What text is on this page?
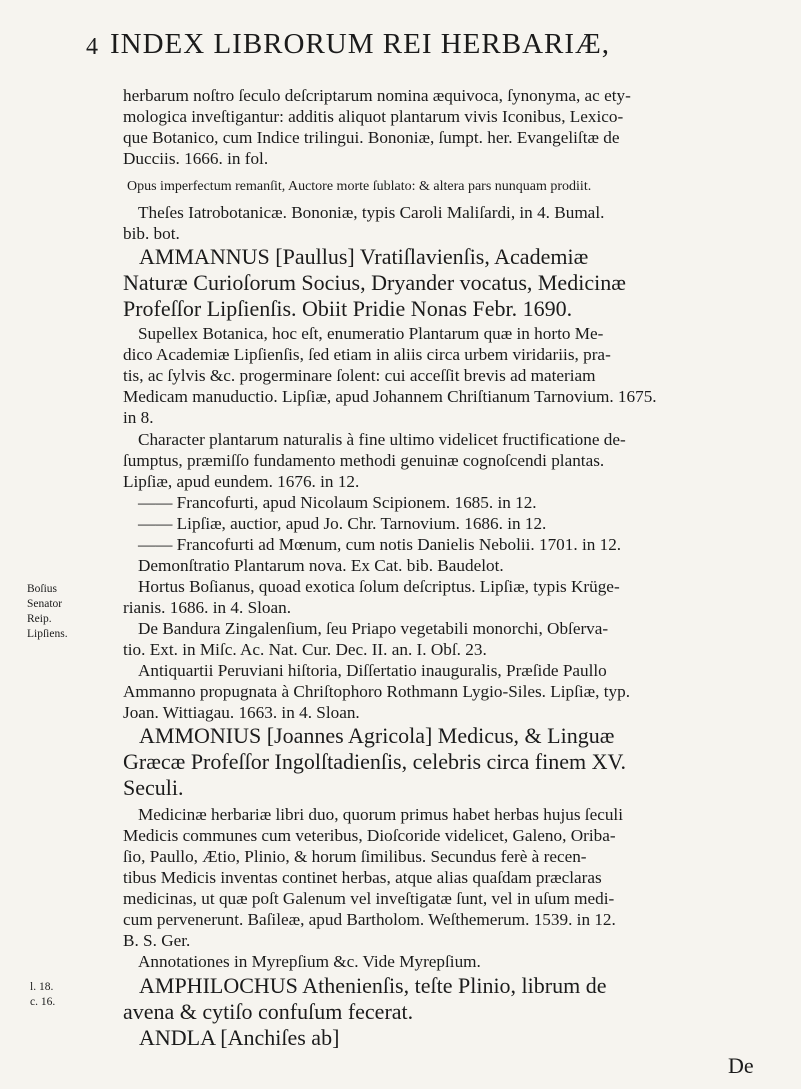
4 INDEX LIBRORUM REI HERBARIÆ,
herbarum noſtro ſeculo deſcriptarum nomina æquivoca, ſynonyma, ac ety-
mologica inveſtigantur: additis aliquot plantarum vivis Iconibus, Lexico-
que Botanico, cum Indice trilingui. Bononiæ, ſumpt. her. Evangeliſtæ de
Ducciis. 1666. in fol.
Opus imperfectum remanſit, Auctore morte ſublato: & altera pars nunquam prodiit.
Theſes Iatrobotanicæ. Bononiæ, typis Caroli Maliſardi, in 4. Bumal.
bib. bot.
AMMANNUS [Paullus] Vratiſlavienſis, Academiæ
Naturæ Curioſorum Socius, Dryander vocatus, Medicinæ
Profeſſor Lipſienſis. Obiit Pridie Nonas Febr. 1690.
Supellex Botanica, hoc eſt, enumeratio Plantarum quæ in horto Me-
dico Academiæ Lipſienſis, ſed etiam in aliis circa urbem viridariis, pra-
tis, ac ſylvis &c. progerminare ſolent: cui acceſſit brevis ad materiam
Medicam manuductio. Lipſiæ, apud Johannem Chriſtianum Tarnovium. 1675.
in 8.
Character plantarum naturalis à fine ultimo videlicet fructificatione de-
ſumptus, præmiſſo fundamento methodi genuinæ cognoſcendi plantas.
Lipſiæ, apud eundem. 1676. in 12.
—— Francofurti, apud Nicolaum Scipionem. 1685. in 12.
—— Lipſiæ, auctior, apud Jo. Chr. Tarnovium. 1686. in 12.
—— Francofurti ad Mœnum, cum notis Danielis Nebolii. 1701. in 12.
Demonſtratio Plantarum nova. Ex Cat. bib. Baudelot.
Hortus Boſianus, quoad exotica ſolum deſcriptus. Lipſiæ, typis Krüge-
rianis. 1686. in 4. Sloan.
De Bandura Zingalenſium, ſeu Priapo vegetabili monorchi, Obſerva-
tio. Ext. in Miſc. Ac. Nat. Cur. Dec. II. an. I. Obſ. 23.
Antiquartii Peruviani hiſtoria, Diſſertatio inauguralis, Præſide Paullo
Ammanno propugnata à Chriſtophoro Rothmann Lygio-Siles. Lipſiæ, typ.
Joan. Wittiagau. 1663. in 4. Sloan.
AMMONIUS [Joannes Agricola] Medicus, & Linguæ
Græcæ Profeſſor Ingolſtadienſis, celebris circa finem XV.
Seculi.
Medicinæ herbariæ libri duo, quorum primus habet herbas hujus ſeculi
Medicis communes cum veteribus, Dioſcoride videlicet, Galeno, Oriba-
ſio, Paullo, Ætio, Plinio, & horum ſimilibus. Secundus ferè à recen-
tibus Medicis inventas continet herbas, atque alias quaſdam præclaras
medicinas, ut quæ poſt Galenum vel inveſtigatæ ſunt, vel in uſum medi-
cum pervenerunt. Baſileæ, apud Bartholom. Weſthemerum. 1539. in 12.
B. S. Ger.
Annotationes in Myrepſium &c. Vide Myrepſium.
AMPHILOCHUS Athenienſis, teſte Plinio, librum de
avena & cytiſo confuſum fecerat.
ANDLA [Anchiſes ab]
De
Boſius
Senator
Reip.
Lipſiens.
l. 18.
c. 16.
